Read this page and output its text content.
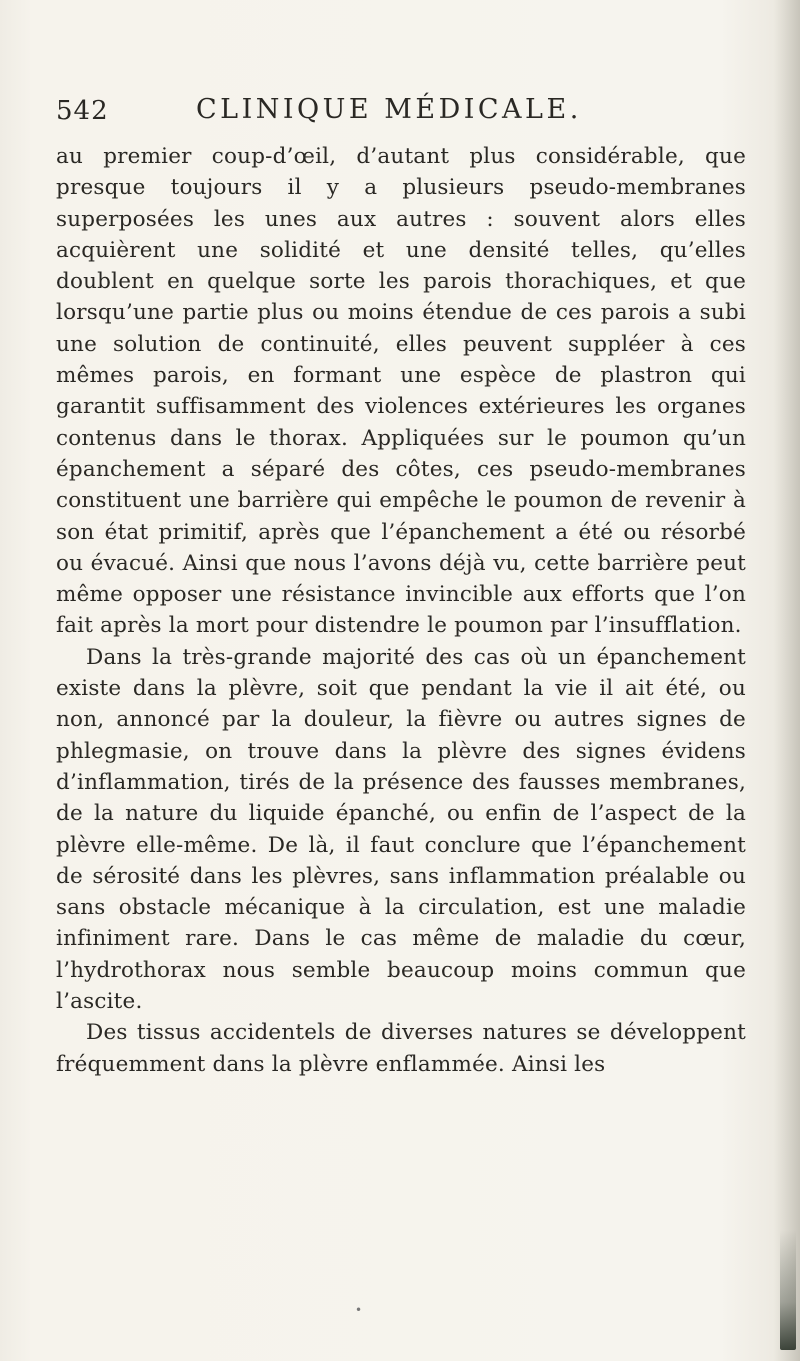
542	CLINIQUE MÉDICALE.

au premier coup-d’œil, d’autant plus considérable, que presque toujours il y a plusieurs pseudo-membranes superposées les unes aux autres : souvent alors elles acquièrent une solidité et une densité telles, qu’elles doublent en quelque sorte les parois thorachiques, et que lorsqu’une partie plus ou moins étendue de ces parois a subi une solution de continuité, elles peuvent suppléer à ces mêmes parois, en formant une espèce de plastron qui garantit suffisamment des violences extérieures les organes contenus dans le thorax. Appliquées sur le poumon qu’un épanchement a séparé des côtes, ces pseudo-membranes constituent une barrière qui empêche le poumon de revenir à son état primitif, après que l’épanchement a été ou résorbé ou évacué. Ainsi que nous l’avons déjà vu, cette barrière peut même opposer une résistance invincible aux efforts que l’on fait après la mort pour distendre le poumon par l’insufflation.

Dans la très-grande majorité des cas où un épanchement existe dans la plèvre, soit que pendant la vie il ait été, ou non, annoncé par la douleur, la fièvre ou autres signes de phlegmasie, on trouve dans la plèvre des signes évidens d’inflammation, tirés de la présence des fausses membranes, de la nature du liquide épanché, ou enfin de l’aspect de la plèvre elle-même. De là, il faut conclure que l’épanchement de sérosité dans les plèvres, sans inflammation préalable ou sans obstacle mécanique à la circulation, est une maladie infiniment rare. Dans le cas même de maladie du cœur, l’hydrothorax nous semble beaucoup moins commun que l’ascite.

Des tissus accidentels de diverses natures se développent fréquemment dans la plèvre enflammée. Ainsi les

•
